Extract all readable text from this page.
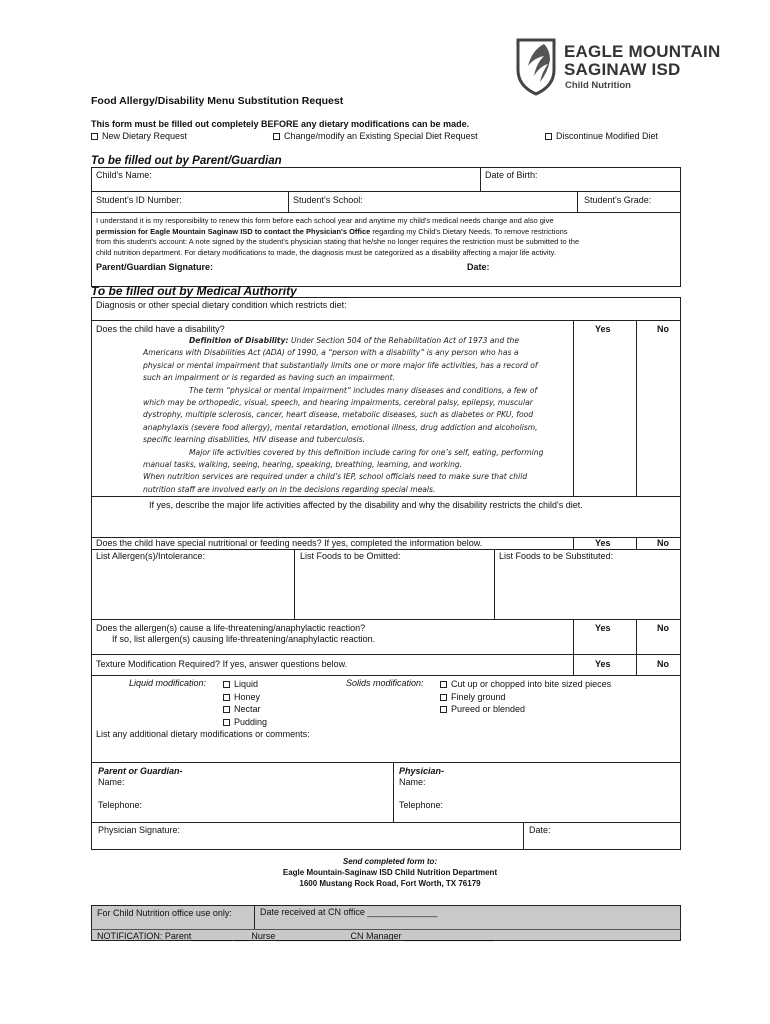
EAGLE MOUNTAIN
SAGINAW ISD
Child Nutrition
Food Allergy/Disability Menu Substitution Request
This form must be filled out completely BEFORE any dietary modifications can be made.
New Dietary Request	Change/modify an Existing Special Diet Request	Discontinue Modified Diet
To be filled out by Parent/Guardian
Child's Name:	Date of Birth:
Student's ID Number:	Student's School:	Student's Grade:
I understand it is my responsibility to renew this form before each school year and anytime my child's medical needs change and also give
permission for Eagle Mountain Saginaw ISD to contact the Physician's Office regarding my Child's Dietary Needs. To remove restrictions
from this student's account: A note signed by the student's physician stating that he/she no longer requires the restriction must be submitted to the
child nutrition department. For dietary modifications to made, the diagnosis must be categorized as a disability affecting a major life activity.
Parent/Guardian Signature:	Date:
To be filled out by Medical Authority
Diagnosis or other special dietary condition which restricts diet:
Does the child have a disability?	Yes	No
Definition of Disability: Under Section 504 of the Rehabilitation Act of 1973 and the
Americans with Disabilities Act (ADA) of 1990, a “person with a disability” is any person who has a
physical or mental impairment that substantially limits one or more major life activities, has a record of
such an impairment or is regarded as having such an impairment.
The term “physical or mental impairment” includes many diseases and conditions, a few of
which may be orthopedic, visual, speech, and hearing impairments, cerebral palsy, epilepsy, muscular
dystrophy, multiple sclerosis, cancer, heart disease, metabolic diseases, such as diabetes or PKU, food
anaphylaxis (severe food allergy), mental retardation, emotional illness, drug addiction and alcoholism,
specific learning disabilities, HIV disease and tuberculosis.
Major life activities covered by this definition include caring for one’s self, eating, performing
manual tasks, walking, seeing, hearing, speaking, breathing, learning, and working.
When nutrition services are required under a child’s IEP, school officials need to make sure that child
nutrition staff are involved early on in the decisions regarding special meals.
If yes, describe the major life activities affected by the disability and why the disability restricts the child's diet.
Does the child have special nutritional or feeding needs? If yes, completed the information below.	Yes	No
List Allergen(s)/Intolerance:	List Foods to be Omitted:	List Foods to be Substituted:
Does the allergen(s) cause a life-threatening/anaphylactic reaction?
If so, list allergen(s) causing life-threatening/anaphylactic reaction.
Yes	No
Texture Modification Required? If yes, answer questions below.	Yes	No
Liquid modification:	Liquid
Honey
Nectar
Pudding
Solids modification:	Cut up or chopped into bite sized pieces
Finely ground
Pureed or blended
List any additional dietary modifications or comments:
Parent or Guardian-
Name:
Telephone:
Physician-
Name:
Telephone:
Physician Signature:	Date:
Send completed form to:
Eagle Mountain-Saginaw ISD Child Nutrition Department
1600 Mustang Rock Road, Fort Worth, TX 76179
For Child Nutrition office use only:	Date received at CN office ______________
NOTIFICATION: Parent________ ___ Nurse_______________CN Manager __________________
